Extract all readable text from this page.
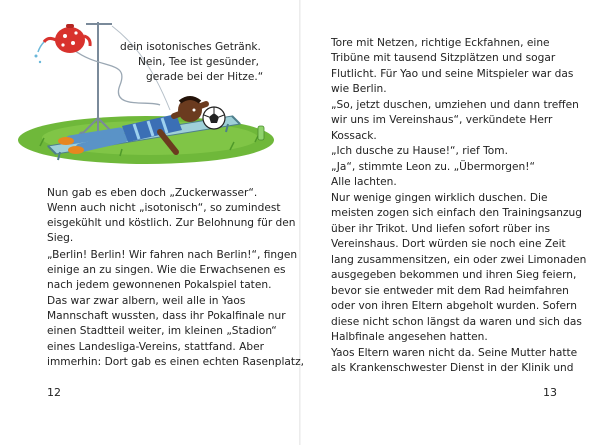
dein isotonisches Getränk.
Nein, Tee ist gesünder,
gerade bei der Hitze.“
Nun gab es eben doch „Zuckerwasser“.
Wenn auch nicht „isotonisch“, so zumindest
eisgekühlt und köstlich. Zur Belohnung für den
Sieg.
„Berlin! Berlin! Wir fahren nach Berlin!“, fingen
einige an zu singen. Wie die Erwachsenen es
nach jedem gewonnenen Pokalspiel taten.
Das war zwar albern, weil alle in Yaos
Mannschaft wussten, dass ihr Pokalfinale nur
einen Stadtteil weiter, im kleinen „Stadion“
eines Landesliga-Vereins, stattfand. Aber
immerhin: Dort gab es einen echten Rasenplatz,
12
Tore mit Netzen, richtige Eckfahnen, eine
Tribüne mit tausend Sitzplätzen und sogar
Flutlicht. Für Yao und seine Mitspieler war das
wie Berlin.
„So, jetzt duschen, umziehen und dann treffen
wir uns im Vereinshaus“, verkündete Herr
Kossack.
„Ich dusche zu Hause!“, rief Tom.
„Ja“, stimmte Leon zu. „Übermorgen!“
Alle lachten.
Nur wenige gingen wirklich duschen. Die
meisten zogen sich einfach den Trainingsanzug
über ihr Trikot. Und liefen sofort rüber ins
Vereinshaus. Dort würden sie noch eine Zeit
lang zusammensitzen, ein oder zwei Limonaden
ausgegeben bekommen und ihren Sieg feiern,
bevor sie entweder mit dem Rad heimfahren
oder von ihren Eltern abgeholt wurden. Sofern
diese nicht schon längst da waren und sich das
Halbfinale angesehen hatten.
Yaos Eltern waren nicht da. Seine Mutter hatte
als Krankenschwester Dienst in der Klinik und
13
